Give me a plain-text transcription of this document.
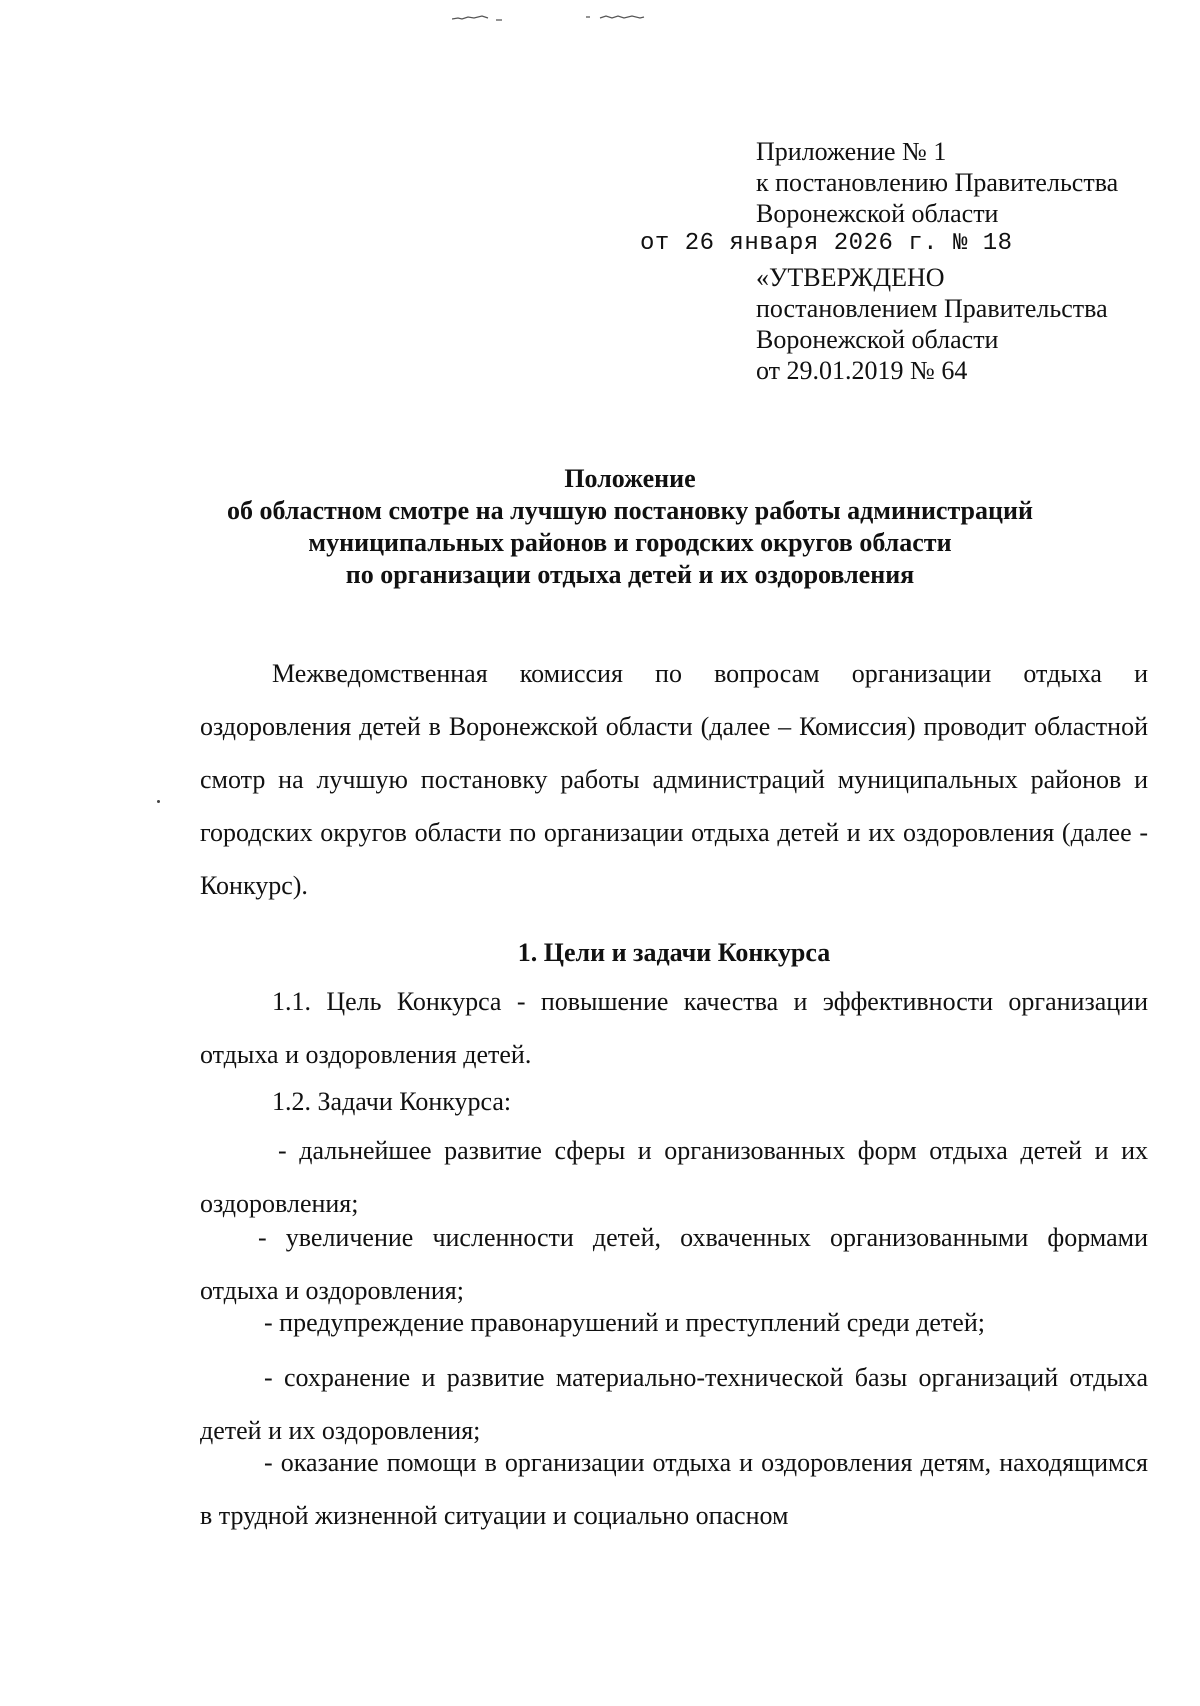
Приложение № 1
к постановлению Правительства
Воронежской области
от 26 января 2026 г. № 18
«УТВЕРЖДЕНО
постановлением Правительства
Воронежской области
от 29.01.2019 № 64
Положение
об областном смотре на лучшую постановку работы администраций
муниципальных районов и городских округов области
по организации отдыха детей и их оздоровления
Межведомственная комиссия по вопросам организации отдыха и оздоровления детей в Воронежской области (далее – Комиссия) проводит областной смотр на лучшую постановку работы администраций муниципальных районов и городских округов области по организации отдыха детей и их оздоровления (далее - Конкурс).
1. Цели и задачи Конкурса
1.1. Цель Конкурса - повышение качества и эффективности организации отдыха и оздоровления детей.
1.2. Задачи Конкурса:
- дальнейшее развитие сферы и организованных форм отдыха детей и их оздоровления;
- увеличение численности детей, охваченных организованными формами отдыха и оздоровления;
- предупреждение правонарушений и преступлений среди детей;
- сохранение и развитие материально-технической базы организаций отдыха детей и их оздоровления;
- оказание помощи в организации отдыха и оздоровления детям, находящимся в трудной жизненной ситуации и социально опасном
